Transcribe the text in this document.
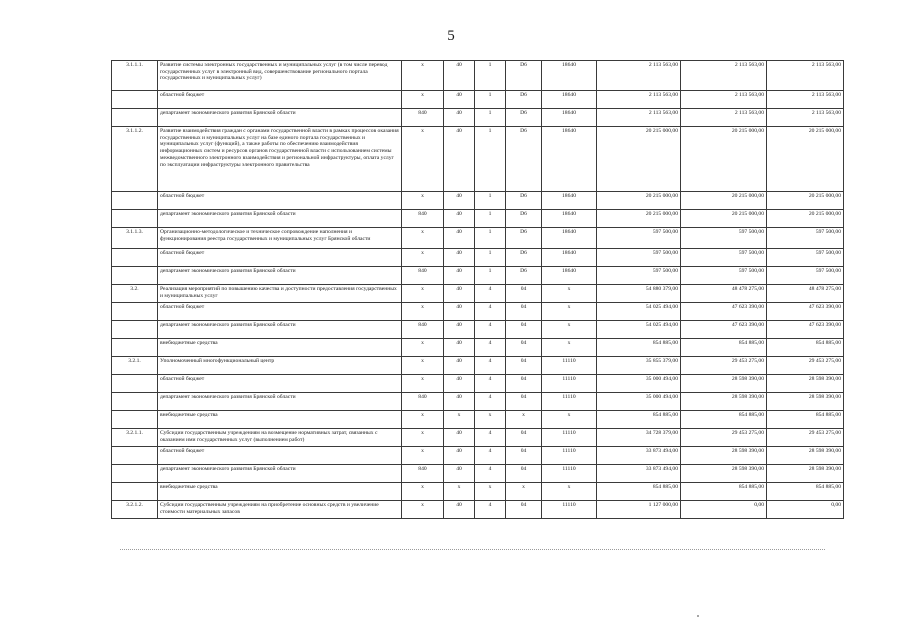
5
3.1.1.1.	Развитие системы электронных государственных и муниципальных услуг (в том числе перевод государственных услуг в электронный вид, совершенствование регионального портала государственных и муниципальных услуг)	х	40	1	D6	18640	2 113 563,00	2 113 563,00	2 113 563,00
	областной бюджет	х	40	1	D6	18640	2 113 563,00	2 113 563,00	2 113 563,00
	департамент экономического развития Брянской области	840	40	1	D6	18640	2 113 563,00	2 113 563,00	2 113 563,00
3.1.1.2.	Развитие взаимодействия граждан с органами государственной власти в рамках процессов оказания государственных и муниципальных услуг на базе единого портала государственных и муниципальных услуг (функций), а также работы по обеспечению взаимодействия информационных систем и ресурсов органов государственной власти с использованием системы межведомственного электронного взаимодействия и региональной инфраструктуры, оплата услуг по эксплуатации инфраструктуры электронного правительства	х	40	1	D6	18640	20 215 000,00	20 215 000,00	20 215 000,00
	областной бюджет	х	40	1	D6	18640	20 215 000,00	20 215 000,00	20 215 000,00
	департамент экономического развития Брянской области	840	40	1	D6	18640	20 215 000,00	20 215 000,00	20 215 000,00
3.1.1.3.	Организационно-методологическое и техническое сопровождение наполнения и функционирования реестра государственных и муниципальных услуг Брянской области	х	40	1	D6	18640	597 500,00	597 500,00	597 500,00
	областной бюджет	х	40	1	D6	18640	597 500,00	597 500,00	597 500,00
	департамент экономического развития Брянской области	840	40	1	D6	18640	597 500,00	597 500,00	597 500,00
3.2.	Реализация мероприятий по повышению качества и доступности предоставления государственных и муниципальных услуг	х	40	4	04	х	54 880 379,00	48 478 275,00	48 478 275,00
	областной бюджет	х	40	4	04	х	54 025 494,00	47 623 390,00	47 623 390,00
	департамент экономического развития Брянской области	840	40	4	04	х	54 025 494,00	47 623 390,00	47 623 390,00
	внебюджетные средства	х	40	4	04	х	854 885,00	854 885,00	854 885,00
3.2.1.	Уполномоченный многофункциональный центр	х	40	4	04	11110	35 855 379,00	29 453 275,00	29 453 275,00
	областной бюджет	х	40	4	04	11110	35 000 494,00	28 598 390,00	28 598 390,00
	департамент экономического развития Брянской области	840	40	4	04	11110	35 000 494,00	28 598 390,00	28 598 390,00
	внебюджетные средства	х	х	х	х	х	854 885,00	854 885,00	854 885,00
3.2.1.1.	Субсидии государственным учреждениям на возмещение нормативных затрат, связанных с оказанием ими государственных услуг (выполнением работ)	х	40	4	04	11110	34 728 379,00	29 453 275,00	29 453 275,00
	областной бюджет	х	40	4	04	11110	33 873 494,00	28 598 390,00	28 598 390,00
	департамент экономического развития Брянской области	840	40	4	04	11110	33 873 494,00	28 598 390,00	28 598 390,00
	внебюджетные средства	х	х	х	х	х	854 885,00	854 885,00	854 885,00
3.2.1.2.	Субсидии государственным учреждениям на приобретение основных средств и увеличение стоимости материальных запасов	х	40	4	04	11110	1 127 000,00	0,00	0,00
